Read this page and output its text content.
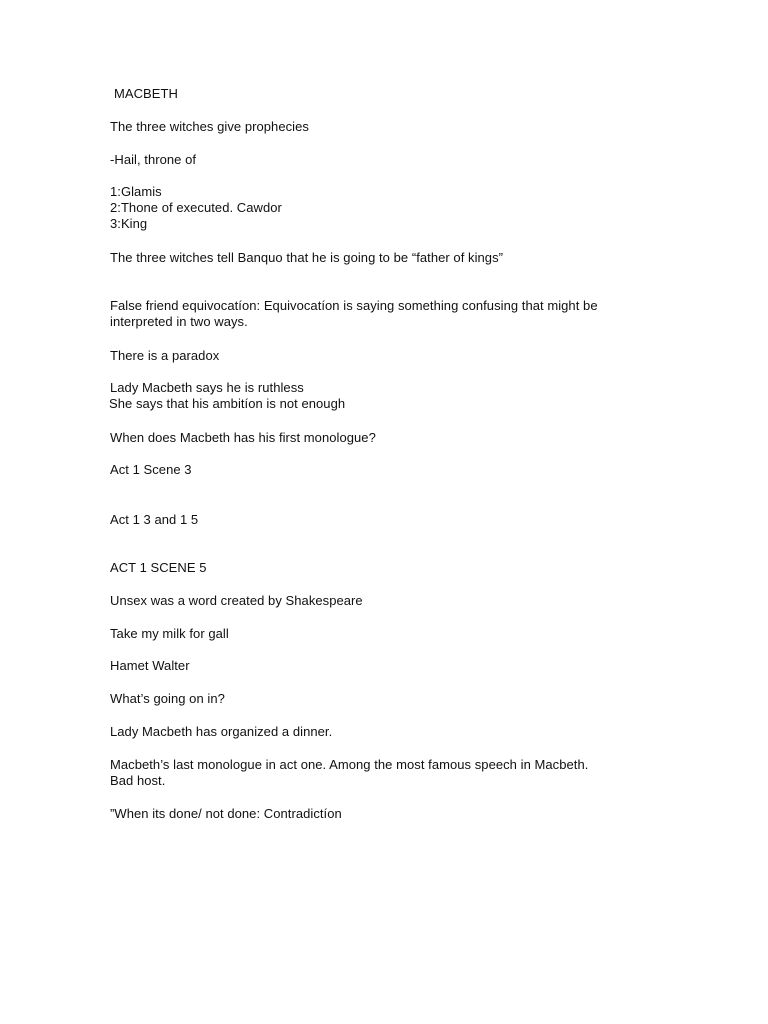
MACBETH
The three witches give prophecies
-Hail, throne of
1:Glamis
2:Thone of executed. Cawdor
3:King
The three witches tell Banquo that he is going to be “father of kings”
False friend equivocatíon: Equivocatíon is saying something confusing that might be
interpreted in two ways.
There is a paradox
Lady Macbeth says he is ruthless
She says that his ambitíon is not enough
When does Macbeth has his first monologue?
Act 1 Scene 3
Act 1 3 and 1 5
ACT 1 SCENE 5
Unsex was a word created by Shakespeare
Take my milk for gall
Hamet Walter
What’s going on in?
Lady Macbeth has organized a dinner.
Macbeth’s last monologue in act one. Among the most famous speech in Macbeth.
Bad host.
”When its done/ not done: Contradictíon
